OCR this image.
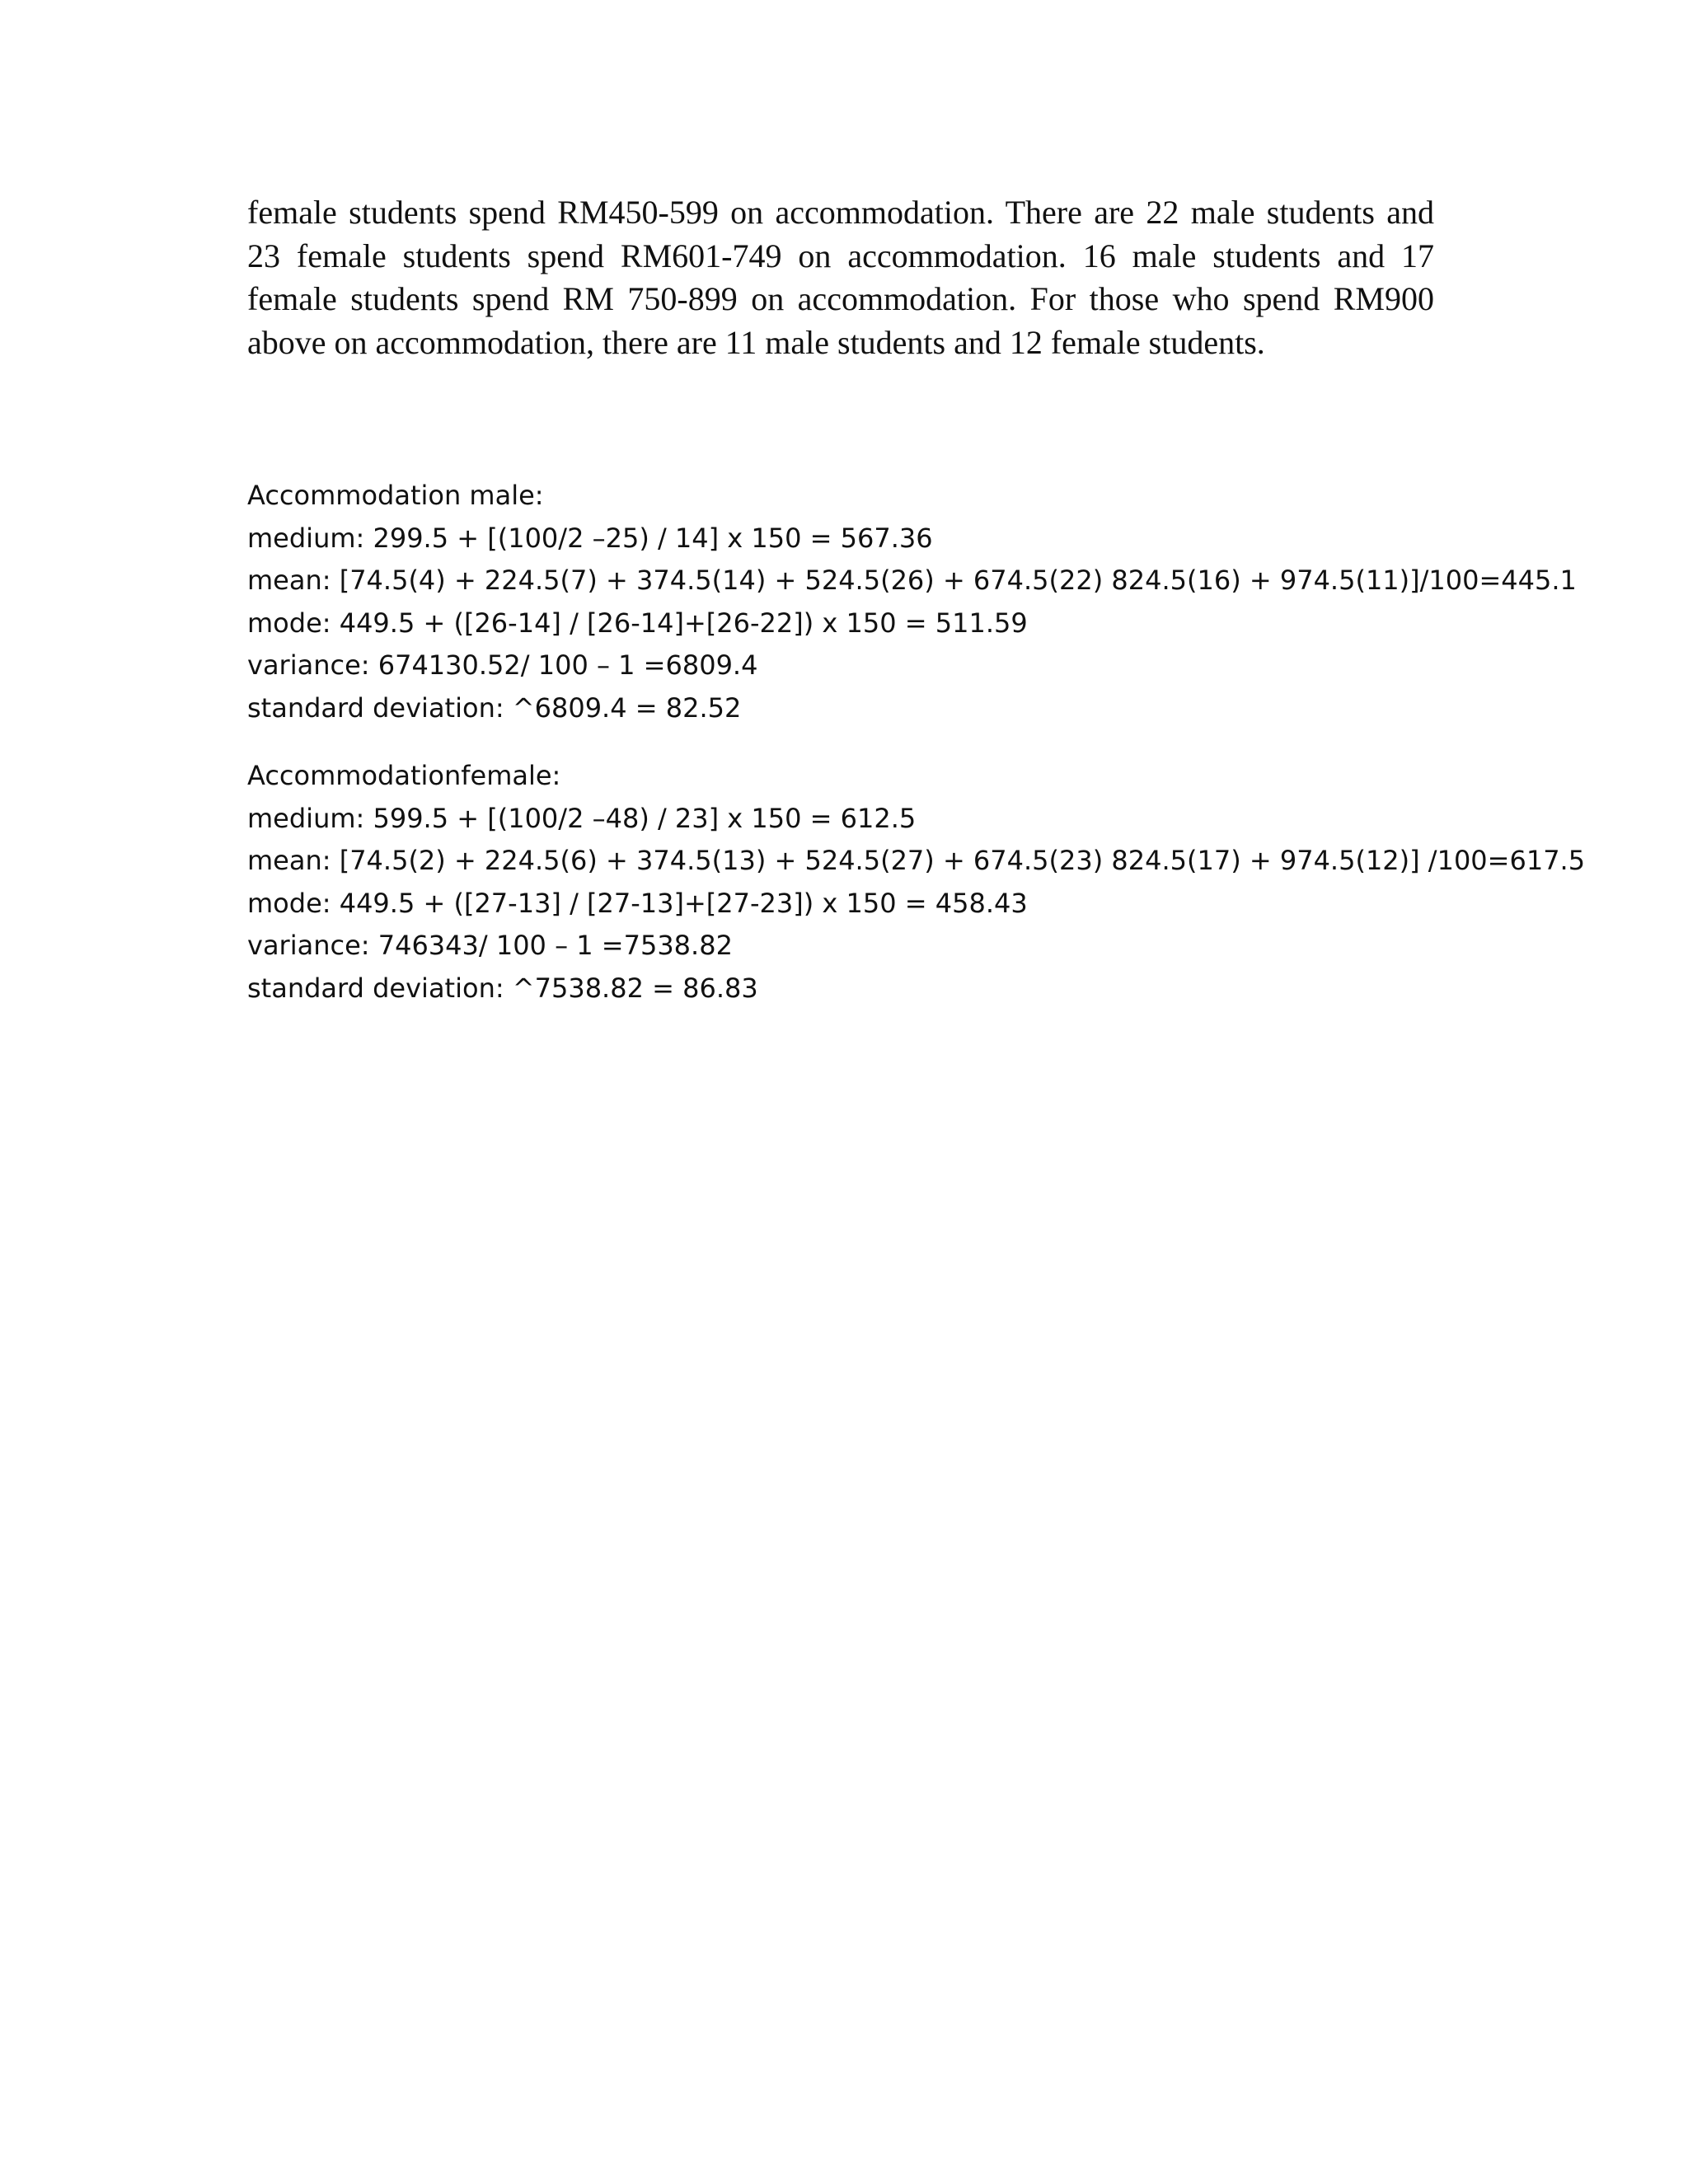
female students spend RM450-599 on accommodation. There are 22 male students and
23 female students spend RM601-749 on accommodation. 16 male students and 17
female students spend RM 750-899 on accommodation. For those who spend RM900
above on accommodation, there are 11 male students and 12 female students.
Accommodation male:
medium: 299.5 + [(100/2 –25) / 14] x 150 = 567.36
mean: [74.5(4) + 224.5(7) + 374.5(14) + 524.5(26) + 674.5(22) 824.5(16) + 974.5(11)]/100=445.1
mode: 449.5 + ([26-14] / [26-14]+[26-22]) x 150 = 511.59
variance: 674130.52/ 100 – 1 =6809.4
standard deviation: ^6809.4 = 82.52
Accommodationfemale:
medium: 599.5 + [(100/2 –48) / 23] x 150 = 612.5
mean: [74.5(2) + 224.5(6) + 374.5(13) + 524.5(27) + 674.5(23) 824.5(17) + 974.5(12)] /100=617.5
mode: 449.5 + ([27-13] / [27-13]+[27-23]) x 150 = 458.43
variance: 746343/ 100 – 1 =7538.82
standard deviation: ^7538.82 = 86.83
